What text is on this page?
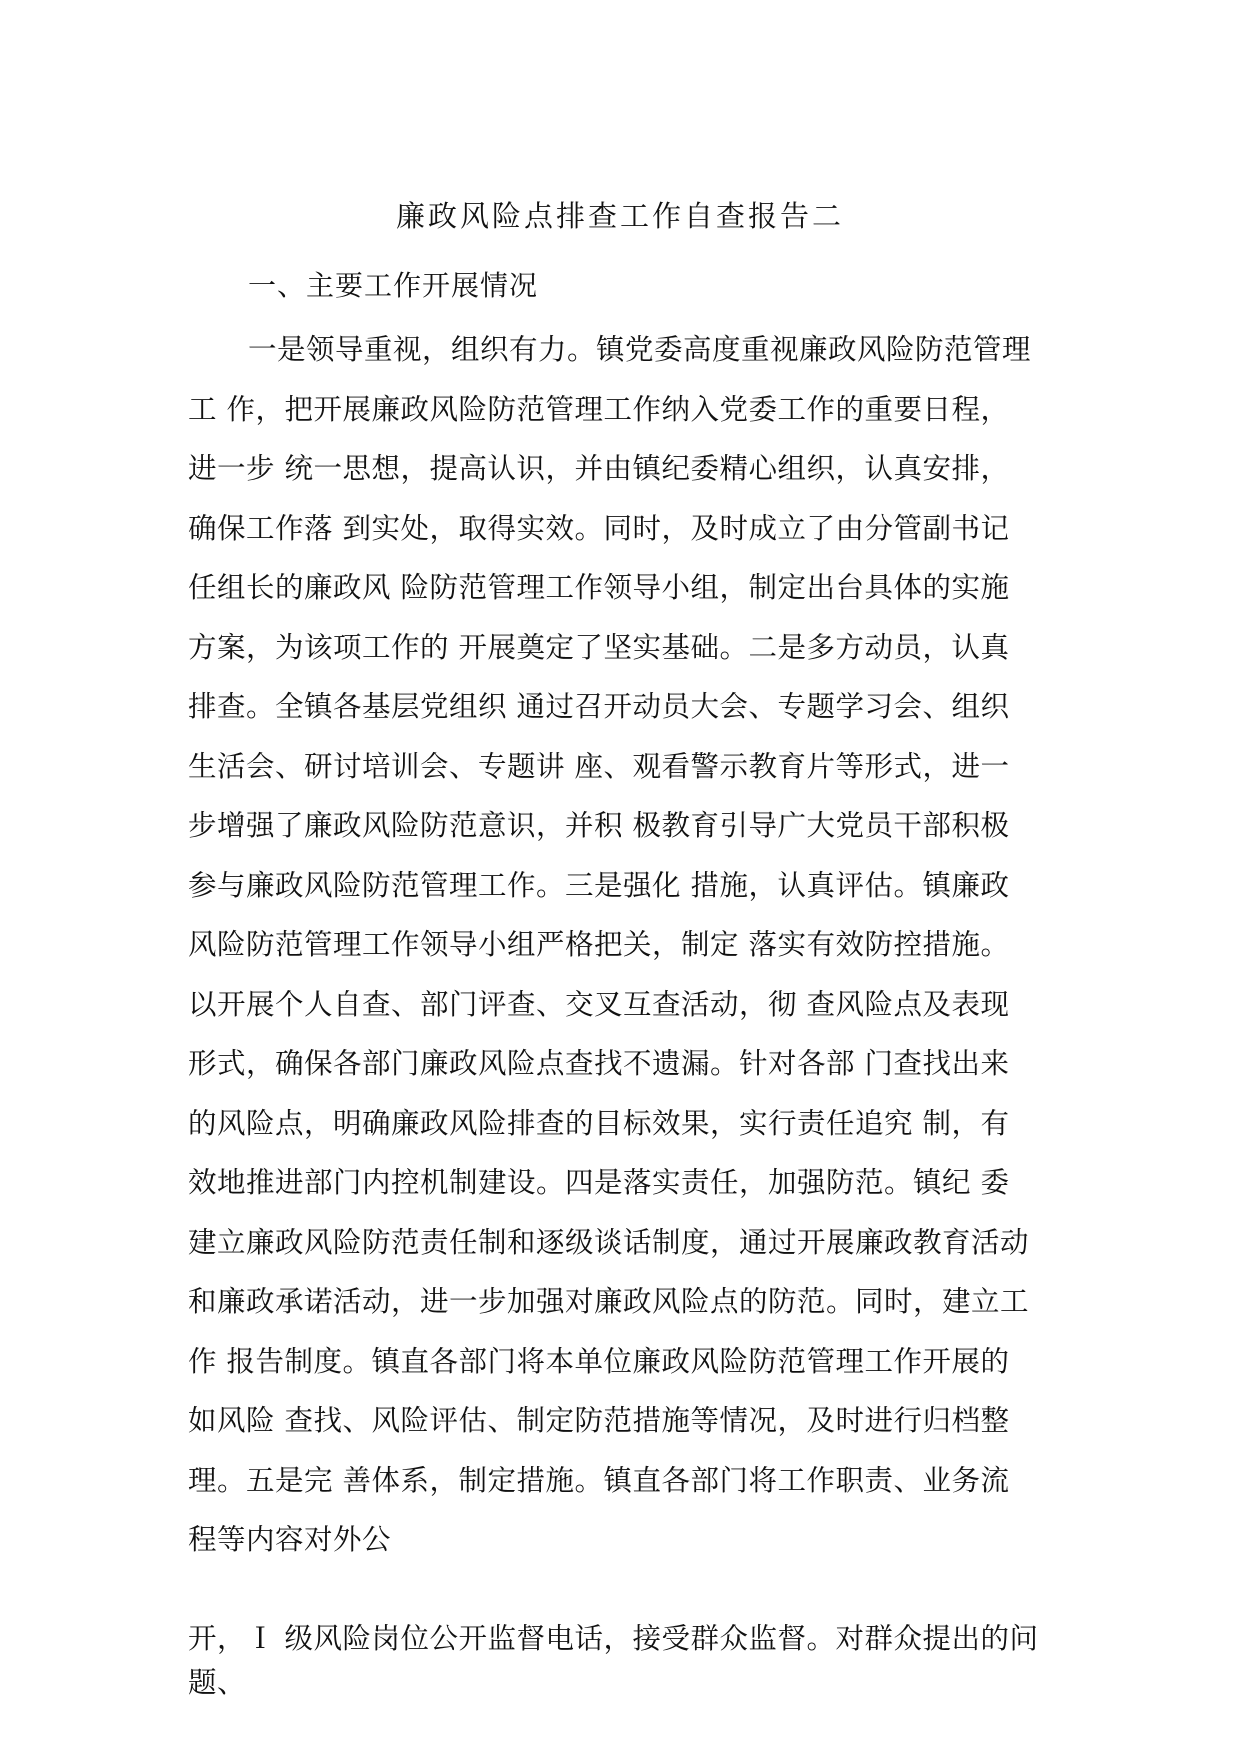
廉政风险点排查工作自查报告二
一、主要工作开展情况
一是领导重视，组织有力。镇党委高度重视廉政风险防范管理
工 作，把开展廉政风险防范管理工作纳入党委工作的重要日程，
进一步 统一思想，提高认识，并由镇纪委精心组织，认真安排，
确保工作落 到实处，取得实效。同时，及时成立了由分管副书记
任组长的廉政风 险防范管理工作领导小组，制定出台具体的实施
方案，为该项工作的 开展奠定了坚实基础。二是多方动员，认真
排查。全镇各基层党组织 通过召开动员大会、专题学习会、组织
生活会、研讨培训会、专题讲 座、观看警示教育片等形式，进一
步增强了廉政风险防范意识，并积 极教育引导广大党员干部积极
参与廉政风险防范管理工作。三是强化 措施，认真评估。镇廉政
风险防范管理工作领导小组严格把关，制定 落实有效防控措施。
以开展个人自查、部门评查、交叉互查活动，彻 查风险点及表现
形式，确保各部门廉政风险点查找不遗漏。针对各部 门查找出来
的风险点，明确廉政风险排查的目标效果，实行责任追究 制，有
效地推进部门内控机制建设。四是落实责任，加强防范。镇纪 委
建立廉政风险防范责任制和逐级谈话制度，通过开展廉政教育活动
和廉政承诺活动，进一步加强对廉政风险点的防范。同时，建立工
作 报告制度。镇直各部门将本单位廉政风险防范管理工作开展的
如风险 查找、风险评估、制定防范措施等情况，及时进行归档整
理。五是完 善体系，制定措施。镇直各部门将工作职责、业务流
程等内容对外公
开，Ｉ 级风险岗位公开监督电话，接受群众监督。对群众提出的问
题、
